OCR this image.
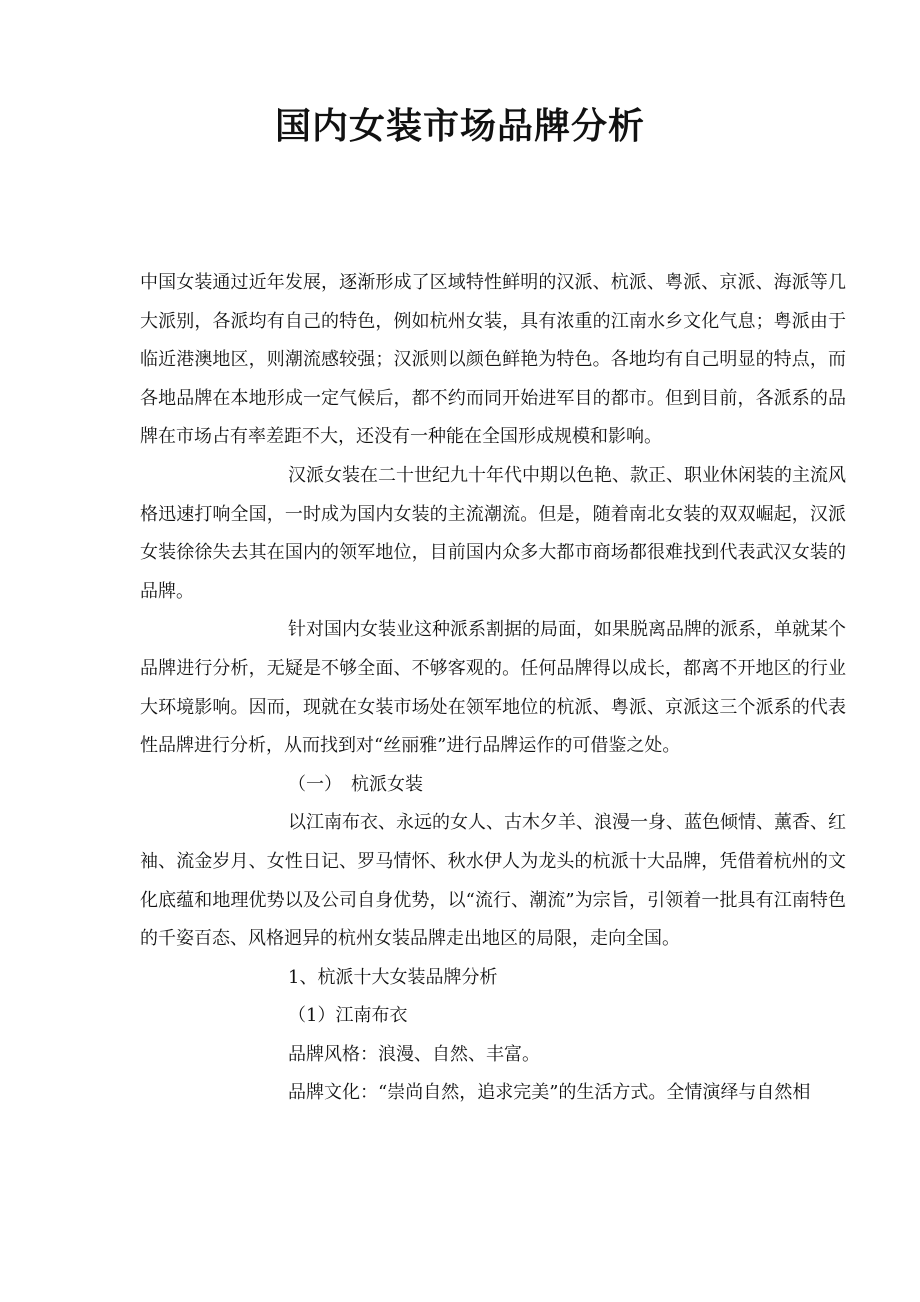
国内女装市场品牌分析

中国女装通过近年发展，逐渐形成了区域特性鲜明的汉派、杭派、粤派、京派、海派等几大派别，各派均有自己的特色，例如杭州女装，具有浓重的江南水乡文化气息；粤派由于临近港澳地区，则潮流感较强；汉派则以颜色鲜艳为特色。各地均有自己明显的特点，而各地品牌在本地形成一定气候后，都不约而同开始进军目的都市。但到目前，各派系的品牌在市场占有率差距不大，还没有一种能在全国形成规模和影响。

汉派女装在二十世纪九十年代中期以色艳、款正、职业休闲装的主流风格迅速打响全国，一时成为国内女装的主流潮流。但是，随着南北女装的双双崛起，汉派女装徐徐失去其在国内的领军地位，目前国内众多大都市商场都很难找到代表武汉女装的品牌。

针对国内女装业这种派系割据的局面，如果脱离品牌的派系，单就某个品牌进行分析，无疑是不够全面、不够客观的。任何品牌得以成长，都离不开地区的行业大环境影响。因而，现就在女装市场处在领军地位的杭派、粤派、京派这三个派系的代表性品牌进行分析，从而找到对“丝丽雅”进行品牌运作的可借鉴之处。

（一）　杭派女装

以江南布衣、永远的女人、古木夕羊、浪漫一身、蓝色倾情、薰香、红袖、流金岁月、女性日记、罗马情怀、秋水伊人为龙头的杭派十大品牌，凭借着杭州的文化底蕴和地理优势以及公司自身优势，以“流行、潮流”为宗旨，引领着一批具有江南特色的千姿百态、风格迥异的杭州女装品牌走出地区的局限，走向全国。

1、杭派十大女装品牌分析

（1）江南布衣

品牌风格：浪漫、自然、丰富。

品牌文化：“崇尚自然，追求完美”的生活方式。全情演绎与自然相
